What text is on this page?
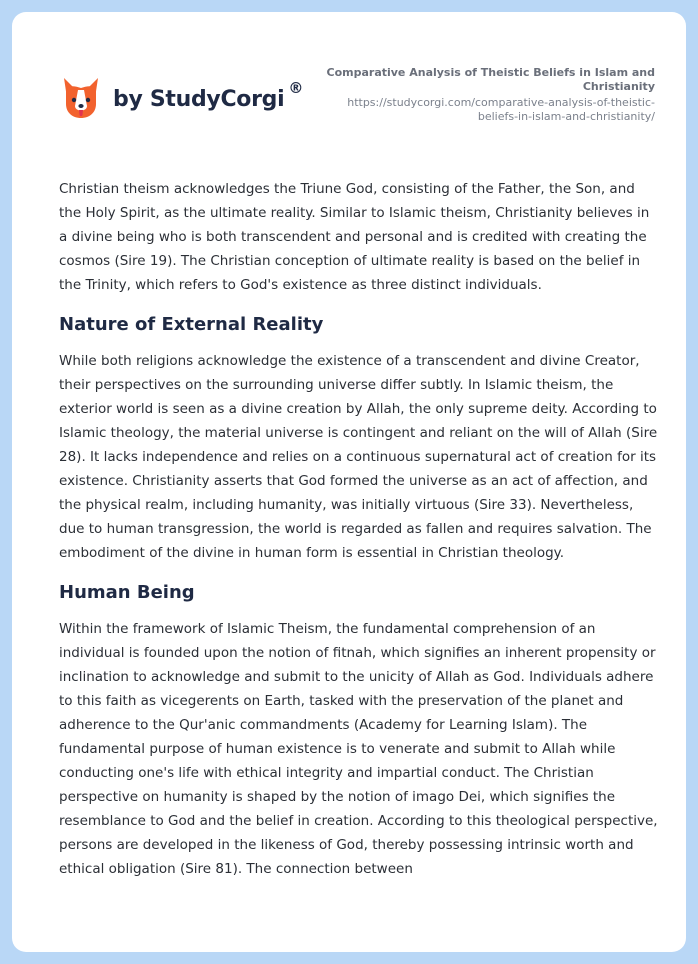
by StudyCorgi ®
Comparative Analysis of Theistic Beliefs in Islam and Christianity
https://studycorgi.com/comparative-analysis-of-theistic-beliefs-in-islam-and-christianity/

Christian theism acknowledges the Triune God, consisting of the Father, the Son, and the Holy Spirit, as the ultimate reality. Similar to Islamic theism, Christianity believes in a divine being who is both transcendent and personal and is credited with creating the cosmos (Sire 19). The Christian conception of ultimate reality is based on the belief in the Trinity, which refers to God's existence as three distinct individuals.

Nature of External Reality

While both religions acknowledge the existence of a transcendent and divine Creator, their perspectives on the surrounding universe differ subtly. In Islamic theism, the exterior world is seen as a divine creation by Allah, the only supreme deity. According to Islamic theology, the material universe is contingent and reliant on the will of Allah (Sire 28). It lacks independence and relies on a continuous supernatural act of creation for its existence. Christianity asserts that God formed the universe as an act of affection, and the physical realm, including humanity, was initially virtuous (Sire 33). Nevertheless, due to human transgression, the world is regarded as fallen and requires salvation. The embodiment of the divine in human form is essential in Christian theology.

Human Being

Within the framework of Islamic Theism, the fundamental comprehension of an individual is founded upon the notion of fitnah, which signifies an inherent propensity or inclination to acknowledge and submit to the unicity of Allah as God. Individuals adhere to this faith as vicegerents on Earth, tasked with the preservation of the planet and adherence to the Qur'anic commandments (Academy for Learning Islam). The fundamental purpose of human existence is to venerate and submit to Allah while conducting one's life with ethical integrity and impartial conduct. The Christian perspective on humanity is shaped by the notion of imago Dei, which signifies the resemblance to God and the belief in creation. According to this theological perspective, persons are developed in the likeness of God, thereby possessing intrinsic worth and ethical obligation (Sire 81). The connection between
